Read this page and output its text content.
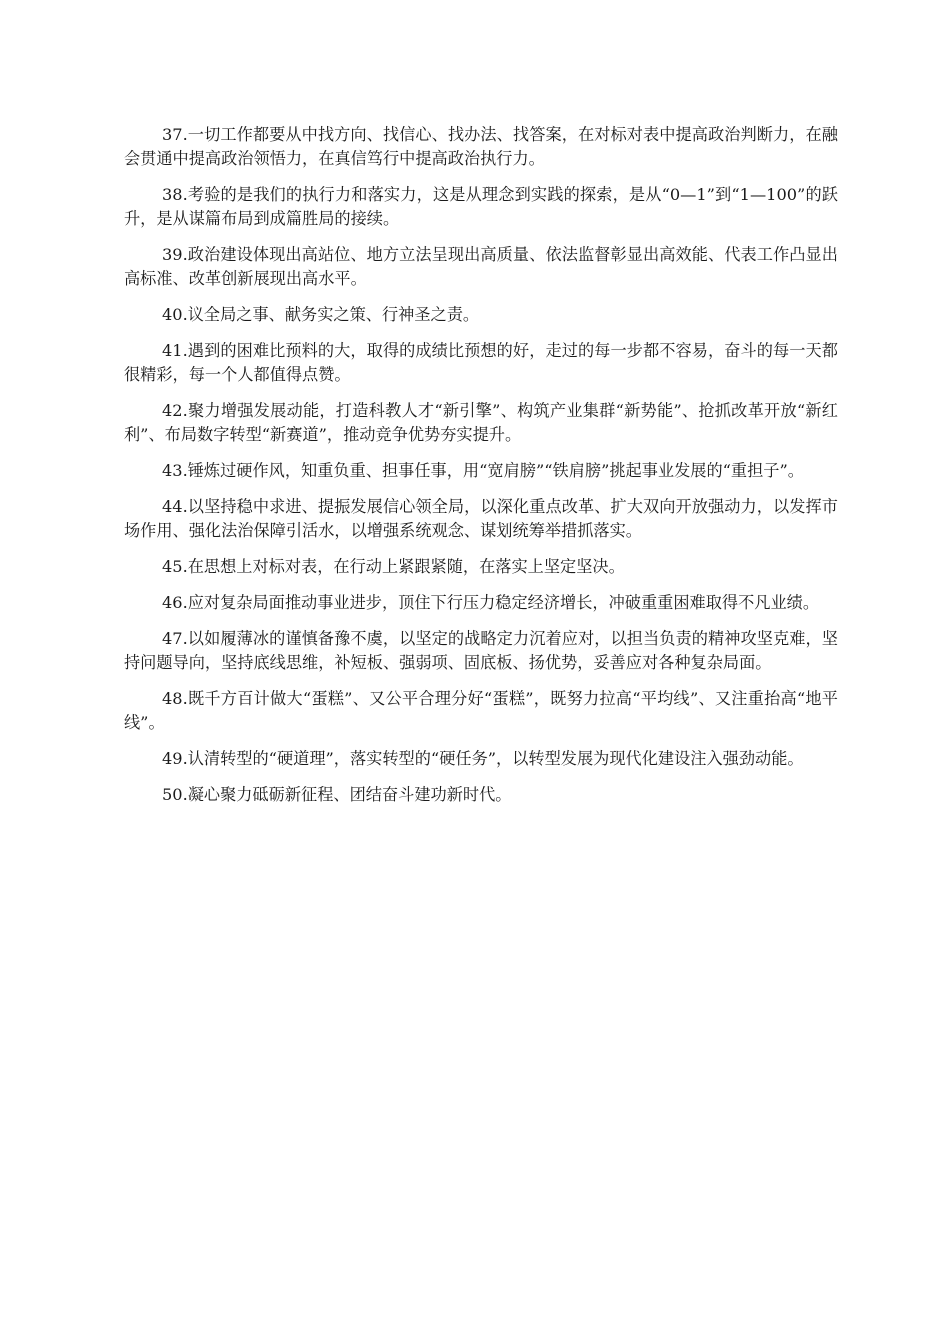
37.一切工作都要从中找方向、找信心、找办法、找答案，在对标对表中提高政治判断力，在融会贯通中提高政治领悟力，在真信笃行中提高政治执行力。

38.考验的是我们的执行力和落实力，这是从理念到实践的探索，是从“0—1”到“1—100”的跃升，是从谋篇布局到成篇胜局的接续。

39.政治建设体现出高站位、地方立法呈现出高质量、依法监督彰显出高效能、代表工作凸显出高标准、改革创新展现出高水平。

40.议全局之事、献务实之策、行神圣之责。

41.遇到的困难比预料的大，取得的成绩比预想的好，走过的每一步都不容易，奋斗的每一天都很精彩，每一个人都值得点赞。

42.聚力增强发展动能，打造科教人才“新引擎”、构筑产业集群“新势能”、抢抓改革开放“新红利”、布局数字转型“新赛道”，推动竞争优势夯实提升。

43.锤炼过硬作风，知重负重、担事任事，用“宽肩膀”“铁肩膀”挑起事业发展的“重担子”。

44.以坚持稳中求进、提振发展信心领全局，以深化重点改革、扩大双向开放强动力，以发挥市场作用、强化法治保障引活水，以增强系统观念、谋划统筹举措抓落实。

45.在思想上对标对表，在行动上紧跟紧随，在落实上坚定坚决。

46.应对复杂局面推动事业进步，顶住下行压力稳定经济增长，冲破重重困难取得不凡业绩。

47.以如履薄冰的谨慎备豫不虞，以坚定的战略定力沉着应对，以担当负责的精神攻坚克难，坚持问题导向，坚持底线思维，补短板、强弱项、固底板、扬优势，妥善应对各种复杂局面。

48.既千方百计做大“蛋糕”、又公平合理分好“蛋糕”，既努力拉高“平均线”、又注重抬高“地平线”。

49.认清转型的“硬道理”，落实转型的“硬任务”，以转型发展为现代化建设注入强劲动能。

50.凝心聚力砥砺新征程、团结奋斗建功新时代。
